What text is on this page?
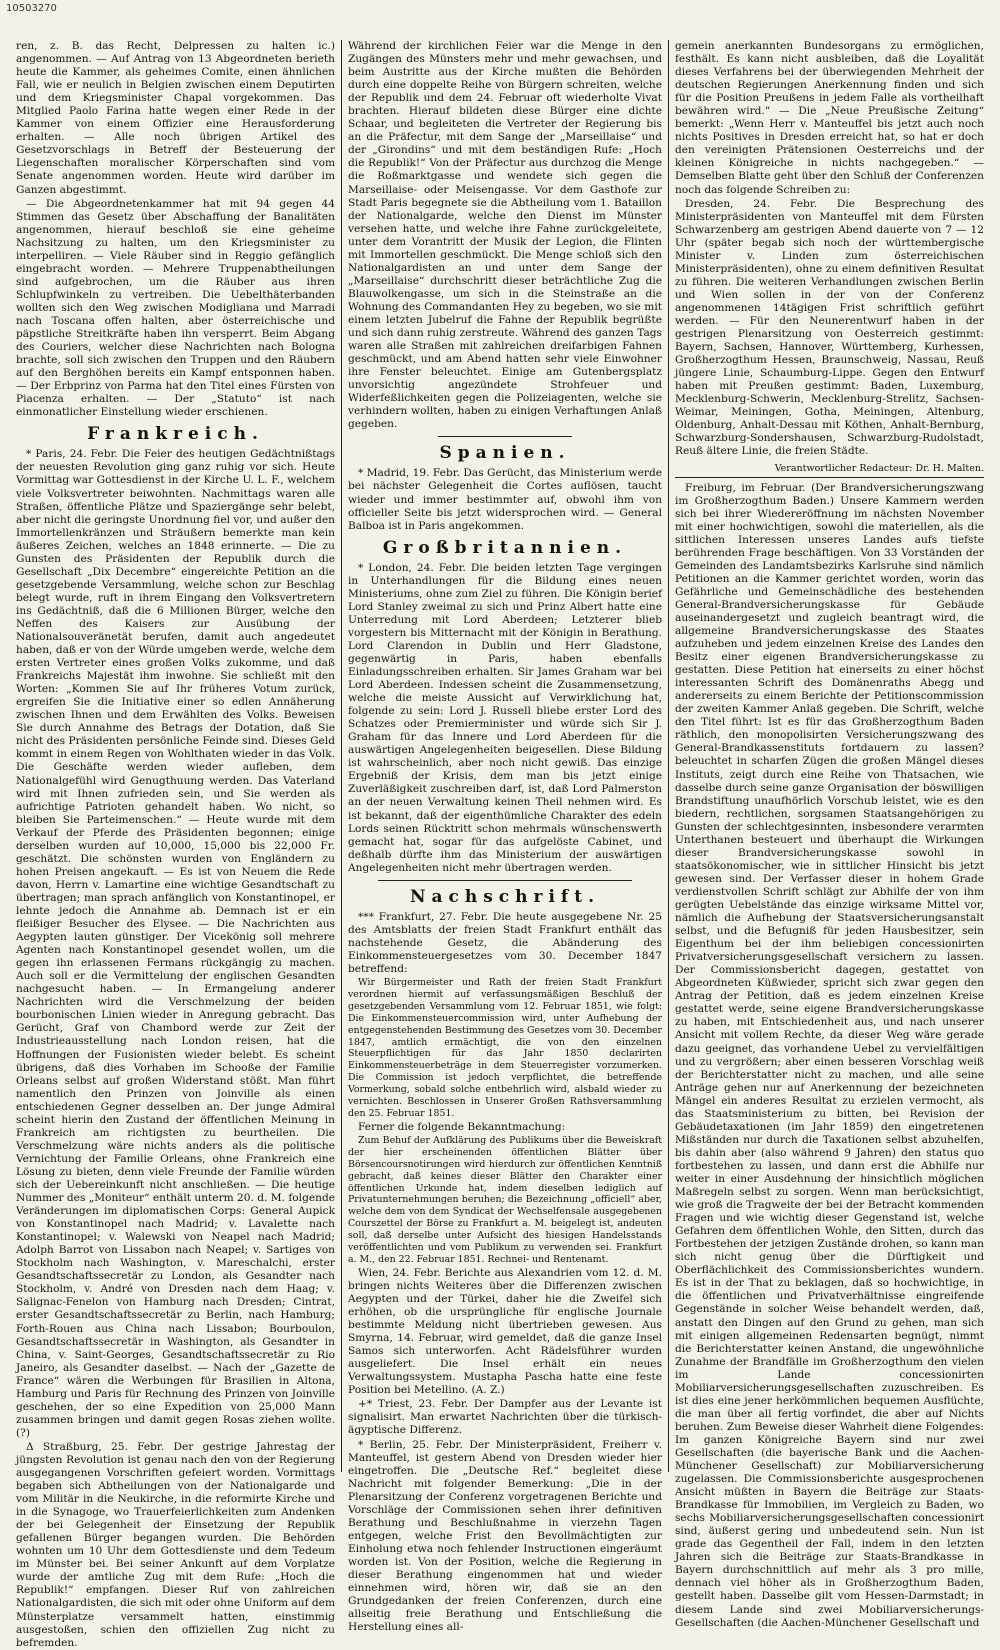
10503270

ren, z. B. das Recht, Delpressen zu halten ic.) angenommen. — Auf Antrag von 13 Abgeordneten berieth heute die Kammer, als geheimes Comite, einen ähnlichen Fall, wie er neulich in Belgien zwischen einem Deputirten und dem Kriegsminister Chapal vorgekommen. Das Mitglied Paolo Farina hatte wegen einer Rede in der Kammer von einem Offizier eine Herausforderung erhalten. — Alle noch übrigen Artikel des Gesetzvorschlags in Betreff der Besteuerung der Liegenschaften moralischer Körperschaften sind vom Senate angenommen worden. Heute wird darüber im Ganzen abgestimmt.

— Die Abgeordnetenkammer hat mit 94 gegen 44 Stimmen das Gesetz über Abschaffung der Banalitäten angenommen, hierauf beschloß sie eine geheime Nachsitzung zu halten, um den Kriegsminister zu interpelliren. — Viele Räuber sind in Reggio gefänglich eingebracht worden. — Mehrere Truppenabtheilungen sind aufgebrochen, um die Räuber aus ihren Schlupfwinkeln zu vertreiben. Die Uebelthäterbanden wollten sich den Weg zwischen Modigliana und Marradi nach Toscana offen halten, aber österreichische und päpstliche Streitkräfte haben ihn versperrt. Beim Abgang des Couriers, welcher diese Nachrichten nach Bologna brachte, soll sich zwischen den Truppen und den Räubern auf den Berghöhen bereits ein Kampf entsponnen haben. — Der Erbprinz von Parma hat den Titel eines Fürsten von Piacenza erhalten. — Der „Statuto“ ist nach einmonatlicher Einstellung wieder erschienen.

Frankreich.

* Paris, 24. Febr. Die Feier des heutigen Gedächtnißtags der neuesten Revolution ging ganz ruhig vor sich. Heute Vormittag war Gottesdienst in der Kirche U. L. F., welchem viele Volksvertreter beiwohnten. Nachmittags waren alle Straßen, öffentliche Plätze und Spaziergänge sehr belebt, aber nicht die geringste Unordnung fiel vor, und außer den Immortellenkränzen und Sträußern bemerkte man kein äußeres Zeichen, welches an 1848 erinnerte. — Die zu Gunsten des Präsidenten der Republik durch die Gesellschaft „Dix Decembre“ eingereichte Petition an die gesetzgebende Versammlung, welche schon zur Beschlag belegt wurde, ruft in ihrem Eingang den Volksvertretern ins Gedächtniß, daß die 6 Millionen Bürger, welche den Neffen des Kaisers zur Ausübung der Nationalsouveränetät berufen, damit auch angedeutet haben, daß er von der Würde umgeben werde, welche dem ersten Vertreter eines großen Volks zukomme, und daß Frankreichs Majestät ihm inwohne. Sie schließt mit den Worten: „Kommen Sie auf Ihr früheres Votum zurück, ergreifen Sie die Initiative einer so edlen Annäherung zwischen Ihnen und dem Erwählten des Volks. Beweisen Sie durch Annahme des Betrags der Dotation, daß Sie nicht des Präsidenten persönliche Feinde sind. Dieses Geld kommt in einem Regen von Wohlthaten wieder in das Volk. Die Geschäfte werden wieder aufleben, dem Nationalgefühl wird Genugthuung werden. Das Vaterland wird mit Ihnen zufrieden sein, und Sie werden als aufrichtige Patrioten gehandelt haben. Wo nicht, so bleiben Sie Parteimenschen.“ — Heute wurde mit dem Verkauf der Pferde des Präsidenten begonnen; einige derselben wurden auf 10,000, 15,000 bis 22,000 Fr. geschätzt. Die schönsten wurden von Engländern zu hohen Preisen angekauft. — Es ist von Neuem die Rede davon, Herrn v. Lamartine eine wichtige Gesandtschaft zu übertragen; man sprach anfänglich von Konstantinopel, er lehnte jedoch die Annahme ab. Demnach ist er ein fleißiger Besucher des Elysee. — Die Nachrichten aus Aegypten lauten günstiger. Der Vicekönig soll mehrere Agenten nach Konstantinopel gesendet wollen, um die gegen ihn erlassenen Fermans rückgängig zu machen. Auch soll er die Vermittelung der englischen Gesandten nachgesucht haben. — In Ermangelung anderer Nachrichten wird die Verschmelzung der beiden bourbonischen Linien wieder in Anregung gebracht. Das Gerücht, Graf von Chambord werde zur Zeit der Industrieausstellung nach London reisen, hat die Hoffnungen der Fusionisten wieder belebt. Es scheint übrigens, daß dies Vorhaben im Schooße der Familie Orleans selbst auf großen Widerstand stößt. Man führt namentlich den Prinzen von Joinville als einen entschiedenen Gegner desselben an. Der junge Admiral scheint hierin den Zustand der öffentlichen Meinung in Frankreich am richtigsten zu beurtheilen. Die Verschmelzung wäre nichts anders als die politische Vernichtung der Familie Orleans, ohne Frankreich eine Lösung zu bieten, denn viele Freunde der Familie würden sich der Uebereinkunft nicht anschließen. — Die heutige Nummer des „Moniteur“ enthält unterm 20. d. M. folgende Veränderungen im diplomatischen Corps: General Aupick von Konstantinopel nach Madrid; v. Lavalette nach Konstantinopel; v. Walewski von Neapel nach Madrid; Adolph Barrot von Lissabon nach Neapel; v. Sartiges von Stockholm nach Washington, v. Mareschalchi, erster Gesandtschaftssecretär zu London, als Gesandter nach Stockholm, v. André von Dresden nach dem Haag; v. Salignac-Fenelon von Hamburg nach Dresden; Cintrat, erster Gesandtschaftssecretär zu Berlin, nach Hamburg; Forth-Rouen aus China nach Lissabon; Bourboulon, Gesandtschaftssecretär in Washington, als Gesandter in China, v. Saint-Georges, Gesandtschaftssecretär zu Rio Janeiro, als Gesandter daselbst. — Nach der „Gazette de France“ wären die Werbungen für Brasilien in Altona, Hamburg und Paris für Rechnung des Prinzen von Joinville geschehen, der so eine Expedition von 25,000 Mann zusammen bringen und damit gegen Rosas ziehen wollte. (?)

Δ Straßburg, 25. Febr. Der gestrige Jahrestag der jüngsten Revolution ist genau nach den von der Regierung ausgegangenen Vorschriften gefeiert worden. Vormittags begaben sich Abtheilungen von der Nationalgarde und vom Militär in die Neukirche, in die reformirte Kirche und in die Synagoge, wo Trauerfeierlichkeiten zum Andenken der bei Gelegenheit der Einsetzung der Republik gefallenen Bürger begangen wurden. Die Behörden wohnten um 10 Uhr dem Gottesdienste und dem Tedeum im Münster bei. Bei seiner Ankunft auf dem Vorplatze wurde der amtliche Zug mit dem Rufe: „Hoch die Republik!“ empfangen. Dieser Ruf von zahlreichen Nationalgardisten, die sich mit oder ohne Uniform auf dem Münsterplatze versammelt hatten, einstimmig ausgestoßen, schien den offiziellen Zug nicht zu befremden.

Während der kirchlichen Feier war die Menge in den Zugängen des Münsters mehr und mehr gewachsen, und beim Austritte aus der Kirche mußten die Behörden durch eine doppelte Reihe von Bürgern schreiten, welche der Republik und dem 24. Februar oft wiederholte Vivat brachten. Hierauf bildeten diese Bürger eine dichte Schaar, und begleiteten die Vertreter der Regierung bis an die Präfectur, mit dem Sange der „Marseillaise“ und der „Girondins“ und mit dem beständigen Rufe: „Hoch die Republik!“ Von der Präfectur aus durchzog die Menge die Roßmarktgasse und wendete sich gegen die Marseillaise- oder Meisengasse. Vor dem Gasthofe zur Stadt Paris begegnete sie die Abtheilung vom 1. Bataillon der Nationalgarde, welche den Dienst im Münster versehen hatte, und welche ihre Fahne zurückgeleitete, unter dem Vorantritt der Musik der Legion, die Flinten mit Immortellen geschmückt. Die Menge schloß sich den Nationalgardisten an und unter dem Sange der „Marseillaise“ durchschritt dieser beträchtliche Zug die Blauwolkengasse, um sich in die Steinstraße an die Wohnung des Commandanten Hey zu begeben, wo sie mit einem letzten Jubelruf die Fahne der Republik begrüßte und sich dann ruhig zerstreute. Während des ganzen Tags waren alle Straßen mit zahlreichen dreifarbigen Fahnen geschmückt, und am Abend hatten sehr viele Einwohner ihre Fenster beleuchtet. Einige am Gutenbergsplatz unvorsichtig angezündete Strohfeuer und Widerfeßlichkeiten gegen die Polizeiagenten, welche sie verhindern wollten, haben zu einigen Verhaftungen Anlaß gegeben.

Spanien.

* Madrid, 19. Febr. Das Gerücht, das Ministerium werde bei nächster Gelegenheit die Cortes auflösen, taucht wieder und immer bestimmter auf, obwohl ihm von officieller Seite bis jetzt widersprochen wird. — General Balboa ist in Paris angekommen.

Großbritannien.

* London, 24. Febr. Die beiden letzten Tage vergingen in Unterhandlungen für die Bildung eines neuen Ministeriums, ohne zum Ziel zu führen. Die Königin berief Lord Stanley zweimal zu sich und Prinz Albert hatte eine Unterredung mit Lord Aberdeen; Letzterer blieb vorgestern bis Mitternacht mit der Königin in Berathung. Lord Clarendon in Dublin und Herr Gladstone, gegenwärtig in Paris, haben ebenfalls Einladungsschreiben erhalten. Sir James Graham war bei Lord Aberdeen. Indessen scheint die Zusammensetzung, welche die meiste Aussicht auf Verwirklichung hat, folgende zu sein: Lord J. Russell bliebe erster Lord des Schatzes oder Premierminister und würde sich Sir J. Graham für das Innere und Lord Aberdeen für die auswärtigen Angelegenheiten beigesellen. Diese Bildung ist wahrscheinlich, aber noch nicht gewiß. Das einzige Ergebniß der Krisis, dem man bis jetzt einige Zuverläßigkeit zuschreiben darf, ist, daß Lord Palmerston an der neuen Verwaltung keinen Theil nehmen wird. Es ist bekannt, daß der eigenthümliche Charakter des edeln Lords seinen Rücktritt schon mehrmals wünschenswerth gemacht hat, sogar für das aufgelöste Cabinet, und deßhalb dürfte ihm das Ministerium der auswärtigen Angelegenheiten nicht mehr übertragen werden.

Nachschrift.

*** Frankfurt, 27. Febr. Die heute ausgegebene Nr. 25 des Amtsblatts der freien Stadt Frankfurt enthält das nachstehende Gesetz, die Abänderung des Einkommensteuergesetzes vom 30. December 1847 betreffend:

Wir Bürgermeister und Rath der freien Stadt Frankfurt verordnen hiermit auf verfassungsmäßigen Beschluß der gesetzgebenden Versammlung vom 12. Februar 1851, wie folgt: Die Einkommensteuercommission wird, unter Aufhebung der entgegenstehenden Bestimmung des Gesetzes vom 30. December 1847, amtlich ermächtigt, die von den einzelnen Steuerpflichtigen für das Jahr 1850 declarirten Einkommensteuerbeträge in dem Steuerregister vorzumerken. Die Commission ist jedoch verpflichtet, die betreffende Vormerkung, sobald solche entbehrlich wird, alsbald wieder zu vernichten. Beschlossen in Unserer Großen Rathsversammlung den 25. Februar 1851.

Ferner die folgende Bekanntmachung:

Zum Behuf der Aufklärung des Publikums über die Beweiskraft der hier erscheinenden öffentlichen Blätter über Börsencoursnotirungen wird hierdurch zur öffentlichen Kenntniß gebracht, daß keines dieser Blätter den Charakter einer öffentlichen Urkunde hat, indem dieselben lediglich auf Privatunternehmungen beruhen; die Bezeichnung „officiell“ aber, welche dem von dem Syndicat der Wechselfensale ausgegebenen Courszettel der Börse zu Frankfurt a. M. beigelegt ist, andeuten soll, daß derselbe unter Aufsicht des hiesigen Handelsstands veröffentlichten und vom Publikum zu verwenden sei. Frankfurt a. M., den 22. Februar 1851. Rechnei- und Rentenamt.

Wien, 24. Febr. Berichte aus Alexandrien vom 12. d. M. bringen nichts Weiteres über die Differenzen zwischen Aegypten und der Türkei, daher hie die Zweifel sich erhöhen, ob die ursprüngliche für englische Journale bestimmte Meldung nicht übertrieben gewesen. Aus Smyrna, 14. Februar, wird gemeldet, daß die ganze Insel Samos sich unterworfen. Acht Rädelsführer wurden ausgeliefert. Die Insel erhält ein neues Verwaltungssystem. Mustapha Pascha hatte eine feste Position bei Metellino. (A. Z.)

+* Triest, 23. Febr. Der Dampfer aus der Levante ist signalisirt. Man erwartet Nachrichten über die türkisch-ägyptische Differenz.

* Berlin, 25. Febr. Der Ministerpräsident, Freiherr v. Manteuffel, ist gestern Abend von Dresden wieder hier eingetroffen. Die „Deutsche Ref.“ begleitet diese Nachricht mit folgender Bemerkung: „Die in der Plenarsitzung der Conferenz vorgetragenen Berichte und Vorschläge der Commissionen sehen ihrer definitiven Berathung und Beschlußnahme in vierzehn Tagen entgegen, welche Frist den Bevollmächtigten zur Einholung etwa noch fehlender Instructionen eingeräumt worden ist. Von der Position, welche die Regierung in dieser Berathung eingenommen hat und wieder einnehmen wird, hören wir, daß sie an den Grundgedanken der freien Conferenzen, durch eine allseitig freie Berathung und Entschließung die Herstellung eines all-

gemein anerkannten Bundesorgans zu ermöglichen, festhält. Es kann nicht ausbleiben, daß die Loyalität dieses Verfahrens bei der überwiegenden Mehrheit der deutschen Regierungen Anerkennung finden und sich für die Position Preußens in jedem Falle als vortheilhaft bewähren wird.“ — Die „Neue Preußische Zeitung“ bemerkt: „Wenn Herr v. Manteuffel bis jetzt auch noch nichts Positives in Dresden erreicht hat, so hat er doch den vereinigten Prätensionen Oesterreichs und der kleinen Königreiche in nichts nachgegeben.“ — Demselben Blatte geht über den Schluß der Conferenzen noch das folgende Schreiben zu:

Dresden, 24. Febr. Die Besprechung des Ministerpräsidenten von Manteuffel mit dem Fürsten Schwarzenberg am gestrigen Abend dauerte von 7 — 12 Uhr (später begab sich noch der württembergische Minister v. Linden zum österreichischen Ministerpräsidenten), ohne zu einem definitiven Resultat zu führen. Die weiteren Verhandlungen zwischen Berlin und Wien sollen in der von der Conferenz angenommenen 14tägigen Frist schriftlich geführt werden. — Für den Neunerentwurf haben in der gestrigen Plenarsitzung von Oesterreich gestimmt: Bayern, Sachsen, Hannover, Württemberg, Kurhessen, Großherzogthum Hessen, Braunschweig, Nassau, Reuß jüngere Linie, Schaumburg-Lippe. Gegen den Entwurf haben mit Preußen gestimmt: Baden, Luxemburg, Mecklenburg-Schwerin, Mecklenburg-Strelitz, Sachsen-Weimar, Meiningen, Gotha, Meiningen, Altenburg, Oldenburg, Anhalt-Dessau mit Köthen, Anhalt-Bernburg, Schwarzburg-Sondershausen, Schwarzburg-Rudolstadt, Reuß ältere Linie, die freien Städte.

Verantwortlicher Redacteur: Dr. H. Malten.

Freiburg, im Februar. (Der Brandversicherungszwang im Großherzogthum Baden.) Unsere Kammern werden sich bei ihrer Wiedereröffnung im nächsten November mit einer hochwichtigen, sowohl die materiellen, als die sittlichen Interessen unseres Landes aufs tiefste berührenden Frage beschäftigen. Von 33 Vorständen der Gemeinden des Landamtsbezirks Karlsruhe sind nämlich Petitionen an die Kammer gerichtet worden, worin das Gefährliche und Gemeinschädliche des bestehenden General-Brandversicherungskasse für Gebäude auseinandergesetzt und zugleich beantragt wird, die allgemeine Brandversicherungskasse des Staates aufzuheben und jedem einzelnen Kreise des Landes den Besitz einer eigenen Brandversicherungskasse zu gestatten. Diese Petition hat einerseits zu einer höchst interessanten Schrift des Domänenraths Abegg und andererseits zu einem Berichte der Petitionscommission der zweiten Kammer Anlaß gegeben. Die Schrift, welche den Titel führt: Ist es für das Großherzogthum Baden räthlich, den monopolisirten Versicherungszwang des General-Brandkassenstituts fortdauern zu lassen? beleuchtet in scharfen Zügen die großen Mängel dieses Instituts, zeigt durch eine Reihe von Thatsachen, wie dasselbe durch seine ganze Organisation der böswilligen Brandstiftung unaufhörlich Vorschub leistet, wie es den biedern, rechtlichen, sorgsamen Staatsangehörigen zu Gunsten der schlechtgesinnten, insbesondere verarmten Unterthanen besteuert und überhaupt die Wirkungen dieser Brandversicherungskasse sowohl in staatsökonomischer, wie in sittlicher Hinsicht bis jetzt gewesen sind. Der Verfasser dieser in hohem Grade verdienstvollen Schrift schlägt zur Abhilfe der von ihm gerügten Uebelstände das einzige wirksame Mittel vor, nämlich die Aufhebung der Staatsversicherungsanstalt selbst, und die Befugniß für jeden Hausbesitzer, sein Eigenthum bei der ihm beliebigen concessionirten Privatversicherungsgesellschaft versichern zu lassen. Der Commissionsbericht dagegen, gestattet von Abgeordneten Küßwieder, spricht sich zwar gegen den Antrag der Petition, daß es jedem einzelnen Kreise gestattet werde, seine eigene Brandversicherungskasse zu haben, mit Entschiedenheit aus, und nach unserer Ansicht mit vollem Rechte, da dieser Weg wäre gerade dazu geeignet, das vorhandene Uebel zu vervielfältigen und zu vergrößern; aber einen besseren Vorschlag weiß der Berichterstatter nicht zu machen, und alle seine Anträge gehen nur auf Anerkennung der bezeichneten Mängel ein anderes Resultat zu erzielen vermocht, als das Staatsministerium zu bitten, bei Revision der Gebäudetaxationen (im Jahr 1859) den eingetretenen Mißständen nur durch die Taxationen selbst abzuhelfen, bis dahin aber (also während 9 Jahren) den status quo fortbestehen zu lassen, und dann erst die Abhilfe nur weiter in einer Ausdehnung der hinsichtlich möglichen Maßregeln selbst zu sorgen. Wenn man berücksichtigt, wie groß die Tragweite der bei der Betracht kommenden Fragen und wie wichtig dieser Gegenstand ist, welche Gefahren dem öffentlichen Wohle, den Sitten, durch das Fortbestehen der jetzigen Zustände drohen, so kann man sich nicht genug über die Dürftigkeit und Oberflächlichkeit des Commissionsberichtes wundern. Es ist in der That zu beklagen, daß so hochwichtige, in die öffentlichen und Privatverhältnisse eingreifende Gegenstände in solcher Weise behandelt werden, daß, anstatt den Dingen auf den Grund zu gehen, man sich mit einigen allgemeinen Redensarten begnügt, nimmt die Berichterstatter keinen Anstand, die ungewöhnliche Zunahme der Brandfälle im Großherzogthum den vielen im Lande concessionirten Mobiliarversicherungsgesellschaften zuzuschreiben. Es ist dies eine jener herkömmlichen bequemen Ausflüchte, die man über all fertig vorfindet, die aber auf Nichts beruhen. Zum Beweise dieser Wahrheit diene Folgendes: Im ganzen Königreiche Bayern sind nur zwei Gesellschaften (die bayerische Bank und die Aachen-Münchener Gesellschaft) zur Mobiliarversicherung zugelassen. Die Commissionsberichte ausgesprochenen Ansicht müßten in Bayern die Beiträge zur Staats-Brandkasse für Immobilien, im Vergleich zu Baden, wo sechs Mobiliarversicherungsgesellschaften concessionirt sind, äußerst gering und unbedeutend sein. Nun ist grade das Gegentheil der Fall, indem in den letzten Jahren sich die Beiträge zur Staats-Brandkasse in Bayern durchschnittlich auf mehr als 3 pro mille, dennach viel höher als in Großherzogthum Baden, gestellt haben. Dasselbe gilt vom Hessen-Darmstadt; in diesem Lande sind zwei Mobiliarversicherungs-Gesellschaften (die Aachen-Münchener Gesellschaft und
